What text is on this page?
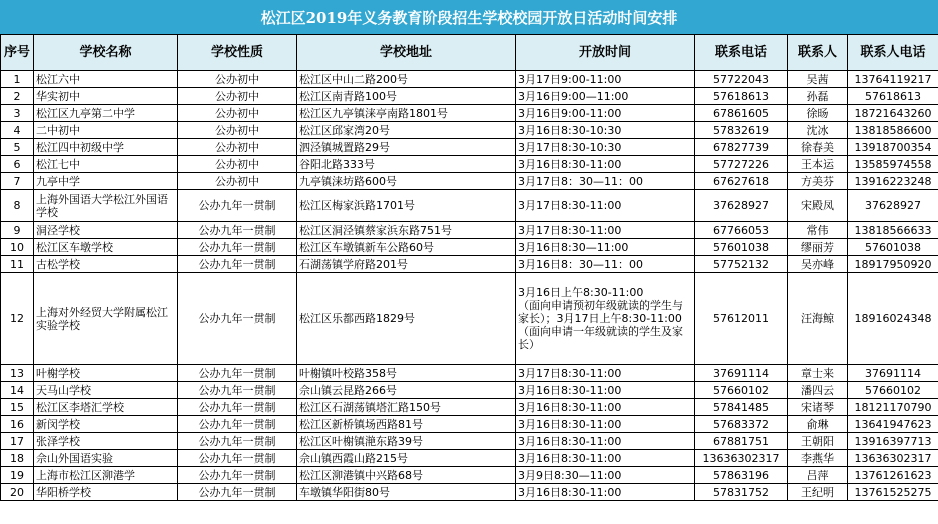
松江区2019年义务教育阶段招生学校校园开放日活动时间安排
序号	学校名称	学校性质	学校地址	开放时间	联系电话	联系人	联系人电话
1	松江六中	公办初中	松江区中山二路200号	3月17日9:00-11:00	57722043	吴茜	13764119217
2	华实初中	公办初中	松江区南青路100号	3月16日9:00—11:00	57618613	孙磊	57618613
3	松江区九亭第二中学	公办初中	松江区九亭镇涞亭南路1801号	3月16日9:00-11:00	67861605	徐旸	18721643260
4	二中初中	公办初中	松江区邱家湾20号	3月16日8:30-10:30	57832619	沈冰	13818586600
5	松江四中初级中学	公办初中	泗泾镇城置路29号	3月17日8:30-10:30	67827739	徐春美	13918700354
6	松江七中	公办初中	谷阳北路333号	3月16日8:30-11:00	57727226	王本运	13585974558
7	九亭中学	公办初中	九亭镇涞坊路600号	3月17日8：30—11：00	67627618	方美芬	13916223248
8	上海外国语大学松江外国语学校	公办九年一贯制	松江区梅家浜路1701号	3月17日8:30-11:00	37628927	宋殿凤	37628927
9	洞泾学校	公办九年一贯制	松江区洞泾镇蔡家浜东路751号	3月17日8:30-11:00	67766053	常伟	13818566633
10	松江区车墩学校	公办九年一贯制	松江区车墩镇新车公路60号	3月16日8:30—11:00	57601038	缪丽芳	57601038
11	古松学校	公办九年一贯制	石湖荡镇学府路201号	3月16日8：30—11：00	57752132	吴亦峰	18917950920
12	上海对外经贸大学附属松江实验学校	公办九年一贯制	松江区乐都西路1829号	3月16日上午8:30-11:00
（面向申请预初年级就读的学生与家长）；3月17日上午8:30-11:00（面向申请一年级就读的学生及家长）	57612011	汪海鲸	18916024348
13	叶榭学校	公办九年一贯制	叶榭镇叶校路358号	3月17日8:30-11:00	37691114	章士来	37691114
14	天马山学校	公办九年一贯制	佘山镇云昆路266号	3月16日8:30-11:00	57660102	潘四云	57660102
15	松江区李塔汇学校	公办九年一贯制	松江区石湖荡镇塔汇路150号	3月16日8:30-11:00	57841485	宋诸琴	18121170790
16	新闵学校	公办九年一贯制	松江区新桥镇场西路81号	3月16日8:30-11:00	57683372	俞琳	13641947623
17	张泽学校	公办九年一贯制	松江区叶榭镇滟东路39号	3月16日8:30-11:00	67881751	王朝阳	13916397713
18	佘山外国语实验	公办九年一贯制	佘山镇西霞山路215号	3月16日8:30-11:00	13636302317	李燕华	13636302317
19	上海市松江区泖港学	公办九年一贯制	松江区泖港镇中兴路68号	3月9日8:30—11:00	57863196	吕萍	13761261623
20	华阳桥学校	公办九年一贯制	车墩镇华阳街80号	3月16日8:30-11:00	57831752	王纪明	13761525275
